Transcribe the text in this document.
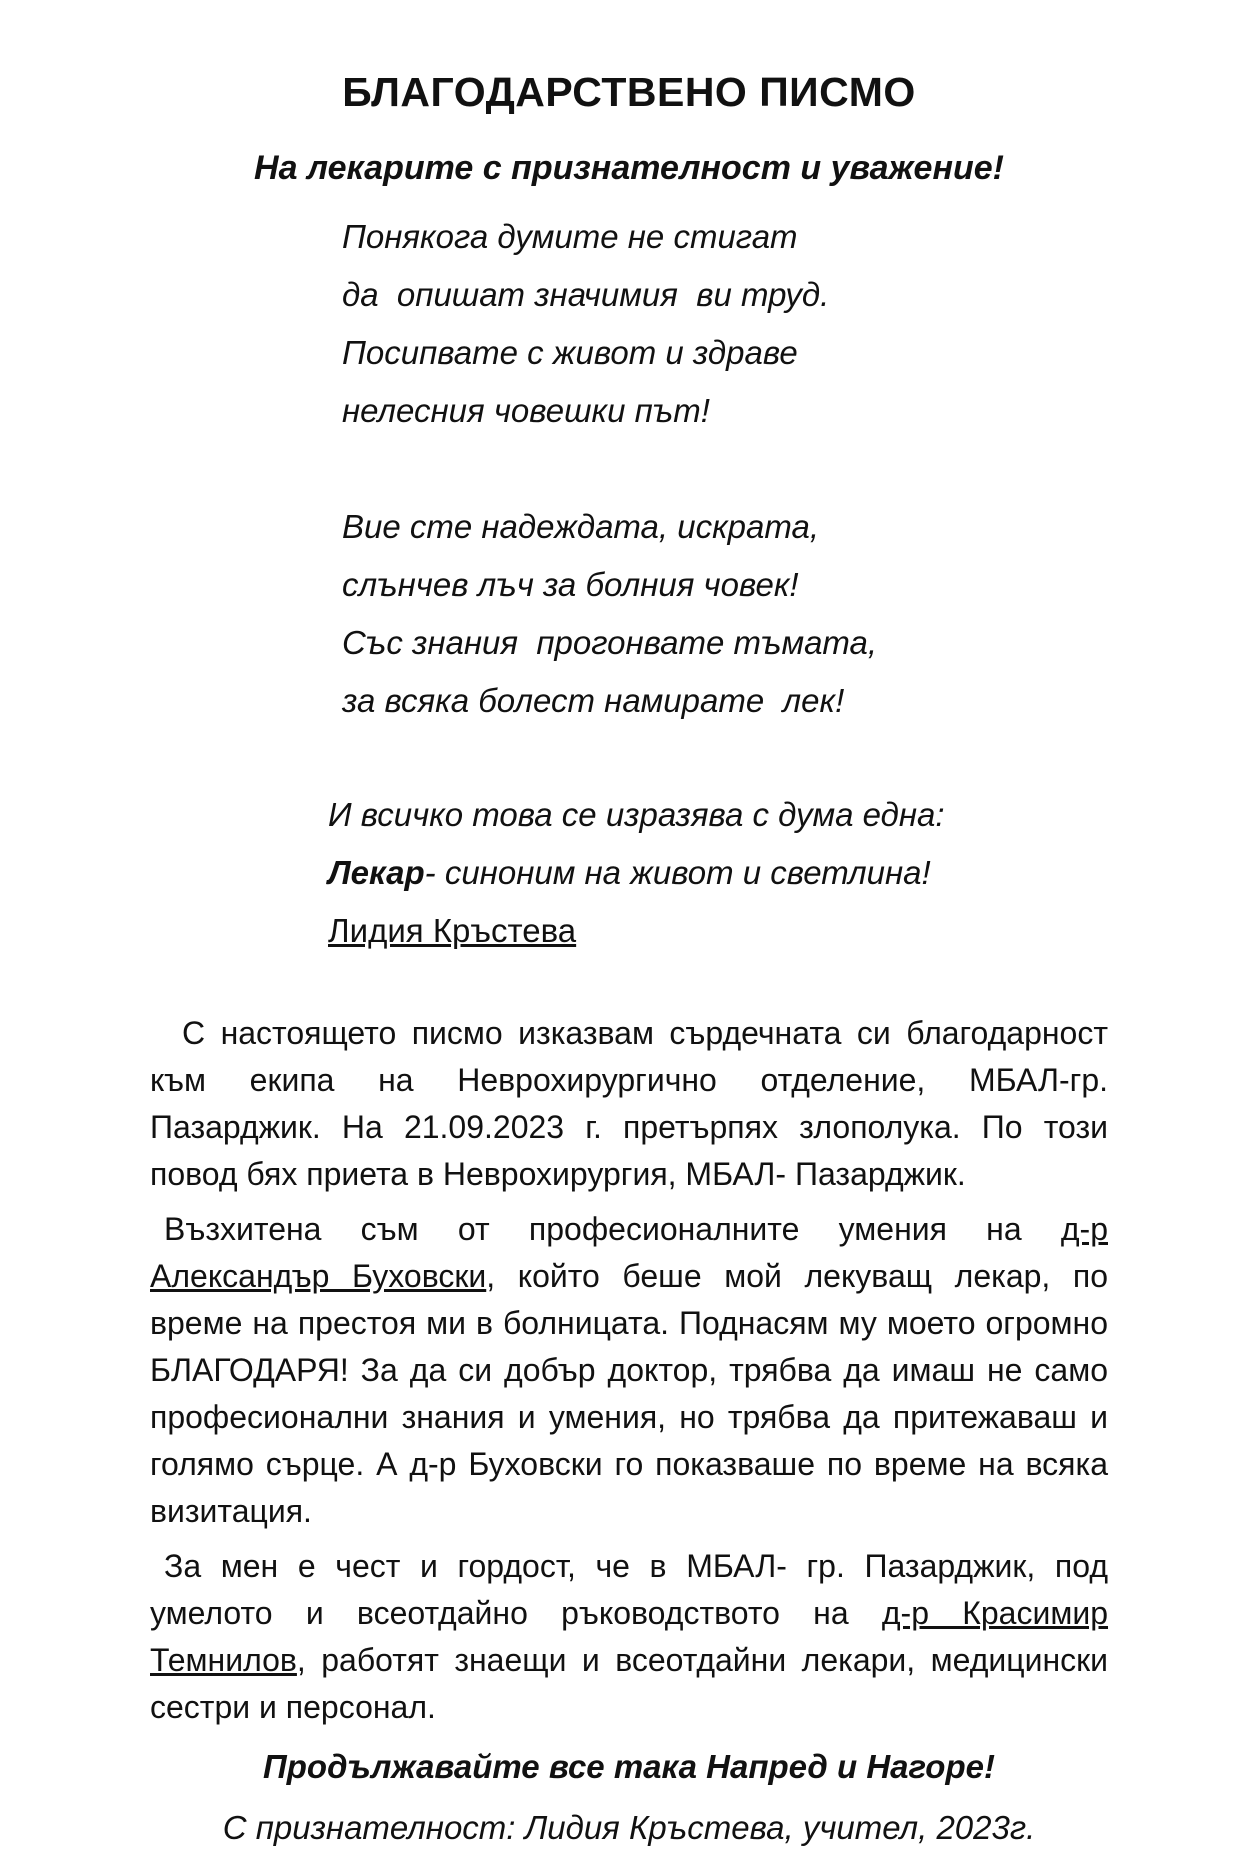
БЛАГОДАРСТВЕНО ПИСМО

На лекарите с признателност и уважение!

Понякога думите не стигат

да  опишат значимия  ви труд.

Посипвате с живот и здраве

нелесния човешки път!

Вие сте надеждата, искрата,

слънчев лъч за болния човек!

Със знания  прогонвате тъмата,

за всяка болест намирате  лек!

И всичко това се изразява с дума една:

Лекар- синоним на живот и светлина!

Лидия Кръстева

С настоящето писмо изказвам сърдечната си благодарност към екипа на Неврохирургично отделение, МБАЛ-гр. Пазарджик. На 21.09.2023 г. претърпях злополука. По този повод бях приета в Неврохирургия, МБАЛ- Пазарджик.

Възхитена съм от професионалните умения на д-р Александър Буховски, който беше мой лекуващ лекар, по време на престоя ми в болницата. Поднасям му моето огромно БЛАГОДАРЯ! За да си добър доктор, трябва да имаш не само професионални знания и умения, но трябва да притежаваш и голямо сърце. А д-р Буховски го показваше по време на всяка визитация.

За мен е чест и гордост, че в МБАЛ- гр. Пазарджик, под умелото и всеотдайно ръководството на д-р Красимир Темнилов, работят знаещи и всеотдайни лекари, медицински сестри и персонал.

Продължавайте все така Напред и Нагоре!

С признателност: Лидия Кръстева, учител, 2023г.
